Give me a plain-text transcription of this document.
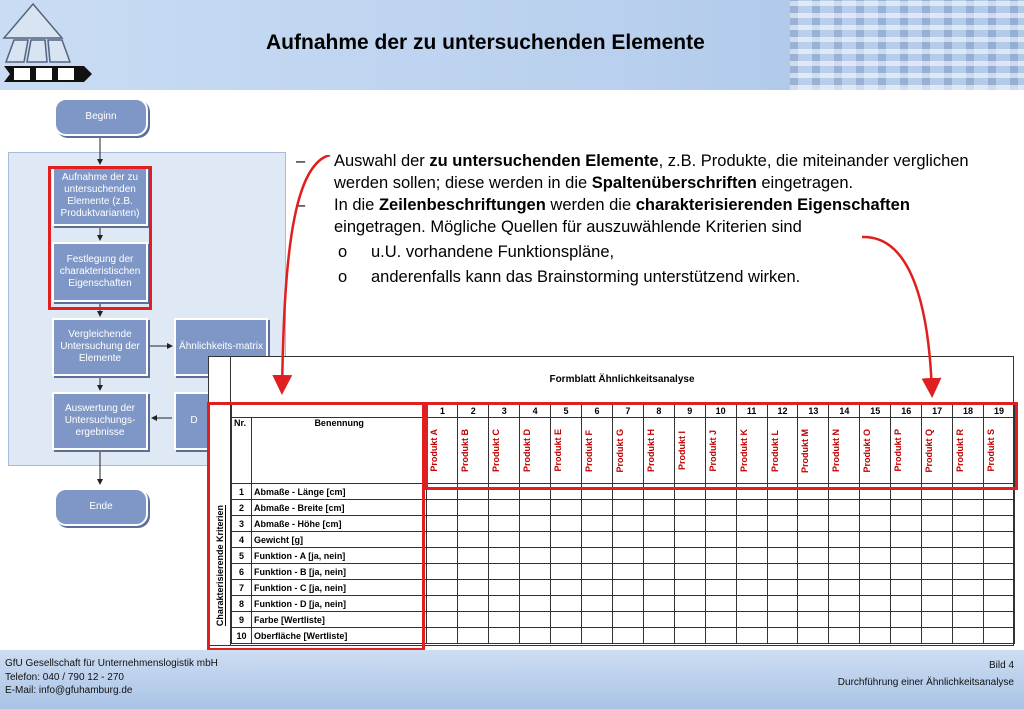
Aufnahme der zu untersuchenden Elemente
Beginn
Aufnahme der zu untersuchenden Elemente (z.B. Produktvarianten)
Festlegung der charakteristischen Eigenschaften
Vergleichende Untersuchung der Elemente
Ähnlichkeits-matrix
Auswertung der Untersuchungs-ergebnisse
D
Ende
– Auswahl der zu untersuchenden Elemente, z.B. Produkte, die miteinander verglichen werden sollen; diese werden in die Spaltenüberschriften eingetragen.
– In die Zeilenbeschriftungen werden die charakterisierenden Eigenschaften eingetragen. Mögliche Quellen für auszuwählende Kriterien sind
o u.U. vorhandene Funktionspläne,
o anderenfalls kann das Brainstorming unterstützend wirken.
Formblatt Ähnlichkeitsanalyse
		1	2	3	4	5	6	7	8	9	10	11	12	13	14	15	16	17	18	19
Nr.	Benennung	Produkt A	Produkt B	Produkt C	Produkt D	Produkt E	Produkt F	Produkt G	Produkt H	Produkt I	Produkt J	Produkt K	Produkt L	Produkt M	Produkt N	Produkt O	Produkt P	Produkt Q	Produkt R	Produkt S

1	Abmaße - Länge [cm]																			
2	Abmaße - Breite [cm]																			
3	Abmaße - Höhe [cm]																			
4	Gewicht [g]																			
5	Funktion - A [ja, nein]																			
6	Funktion - B [ja, nein]																			
7	Funktion - C [ja, nein]																			
8	Funktion - D [ja, nein]																			
9	Farbe [Wertliste]																			
10	Oberfläche [Wertliste]																			
Charakterisierende Kriterien
GfU Gesellschaft für Unternehmenslogistik mbH
Telefon: 040 / 790 12 - 270
E-Mail: info@gfuhamburg.de
Bild 4
Durchführung einer Ähnlichkeitsanalyse
